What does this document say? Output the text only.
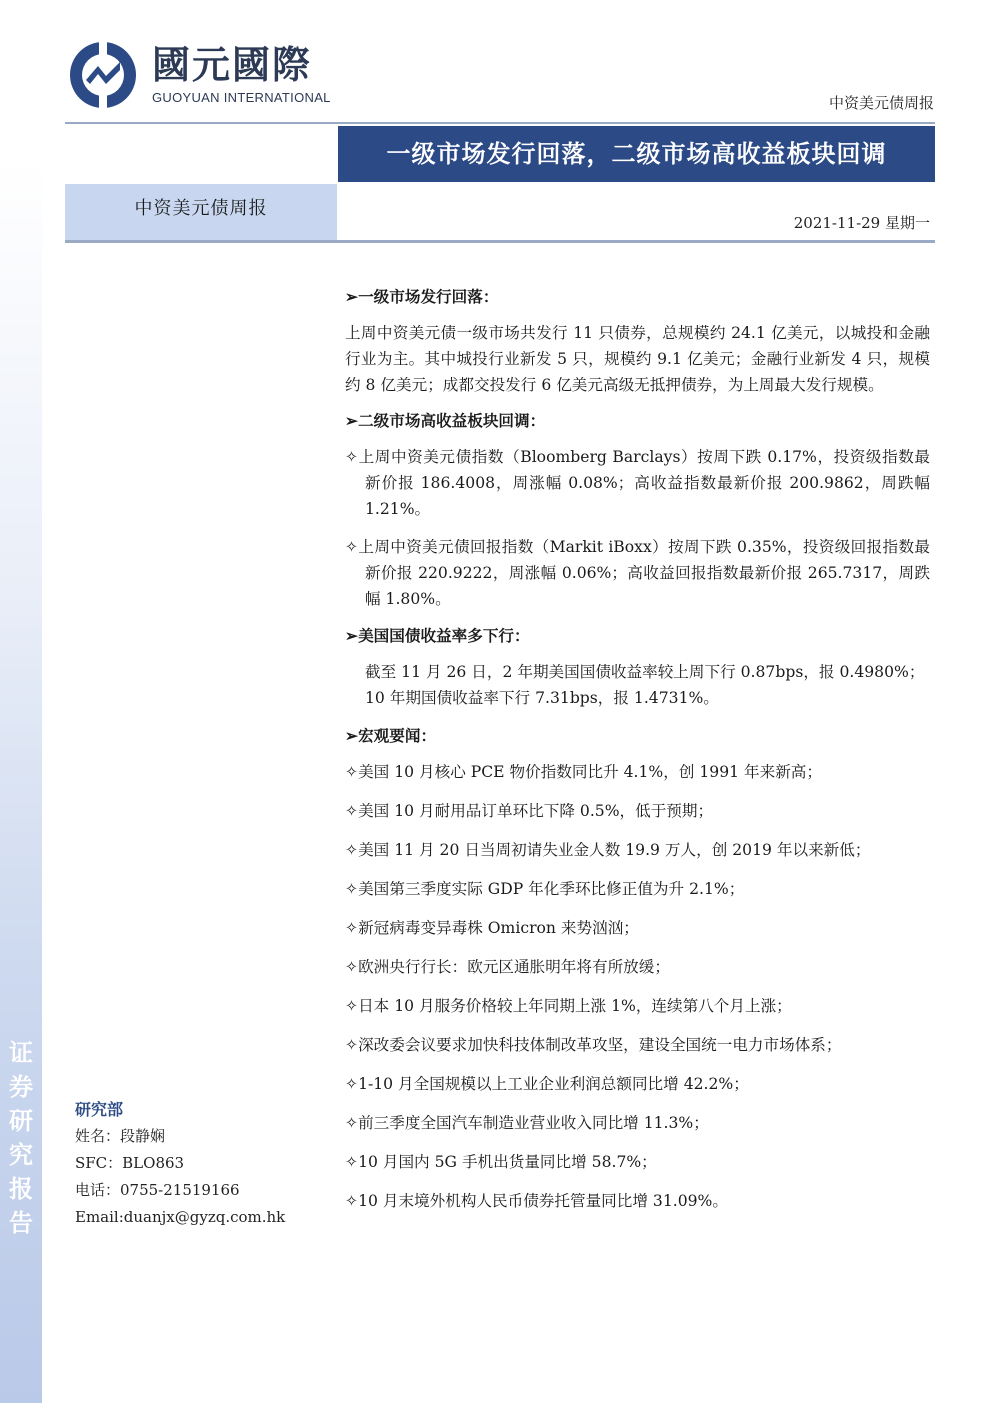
证
券
研
究
报
告
國元國際
GUOYUAN INTERNATIONAL	中资美元债周报
一级市场发行回落，二级市场高收益板块回调
中资美元债周报
2021-11-29 星期一
研究部
姓名：段静娴
SFC：BLO863
电话：0755-21519166
Email:duanjx@gyzq.com.hk
➢一级市场发行回落：
上周中资美元债一级市场共发行 11 只债券，总规模约 24.1 亿美元，以城投和金融行业为主。其中城投行业新发 5 只，规模约 9.1 亿美元；金融行业新发 4 只，规模约 8 亿美元；成都交投发行 6 亿美元高级无抵押债券，为上周最大发行规模。
➢二级市场高收益板块回调：
✧上周中资美元债指数（Bloomberg Barclays）按周下跌 0.17%，投资级指数最新价报 186.4008，周涨幅 0.08%；高收益指数最新价报 200.9862，周跌幅 1.21%。
✧上周中资美元债回报指数（Markit iBoxx）按周下跌 0.35%，投资级回报指数最新价报 220.9222，周涨幅 0.06%；高收益回报指数最新价报 265.7317，周跌幅 1.80%。
➢美国国债收益率多下行：
截至 11 月 26 日，2 年期美国国债收益率较上周下行 0.87bps，报 0.4980%；10 年期国债收益率下行 7.31bps，报 1.4731%。
➢宏观要闻：
✧美国 10 月核心 PCE 物价指数同比升 4.1%，创 1991 年来新高；
✧美国 10 月耐用品订单环比下降 0.5%，低于预期；
✧美国 11 月 20 日当周初请失业金人数 19.9 万人，创 2019 年以来新低；
✧美国第三季度实际 GDP 年化季环比修正值为升 2.1%；
✧新冠病毒变异毒株 Omicron 来势汹汹；
✧欧洲央行行长：欧元区通胀明年将有所放缓；
✧日本 10 月服务价格较上年同期上涨 1%，连续第八个月上涨；
✧深改委会议要求加快科技体制改革攻坚，建设全国统一电力市场体系；
✧1-10 月全国规模以上工业企业利润总额同比增 42.2%；
✧前三季度全国汽车制造业营业收入同比增 11.3%；
✧10 月国内 5G 手机出货量同比增 58.7%；
✧10 月末境外机构人民币债券托管量同比增 31.09%。
